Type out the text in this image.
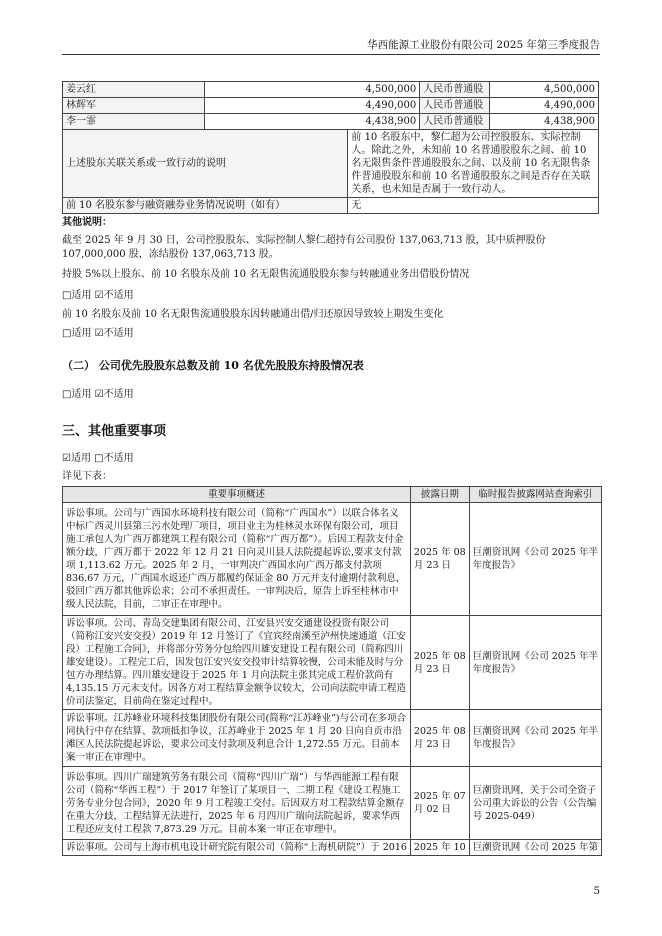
华西能源工业股份有限公司 2025 年第三季度报告
姜云红	4,500,000		人民币普通股	4,500,000
林辉军	4,490,000		人民币普通股	4,490,000
李一霏	4,438,900		人民币普通股	4,438,900
上述股东关联关系或一致行动的说明		前 10 名股东中，黎仁超为公司控股股东、实际控制人。除此之外，未知前 10 名普通股股东之间、前 10 名无限售条件普通股股东之间、以及前 10 名无限售条件普通股股东和前 10 名普通股股东之间是否存在关联关系，也未知是否属于一致行动人。		
前 10 名股东参与融资融券业务情况说明（如有）		无		
其他说明：
截至 2025 年 9 月 30 日，公司控股股东、实际控制人黎仁超持有公司股份 137,063,713 股，其中质押股份 107,000,000 股，冻结股份 137,063,713 股。
持股 5%以上股东、前 10 名股东及前 10 名无限售流通股股东参与转融通业务出借股份情况
□适用 ☑不适用
前 10 名股东及前 10 名无限售流通股股东因转融通出借/归还原因导致较上期发生变化
□适用 ☑不适用
（二） 公司优先股股东总数及前 10 名优先股股东持股情况表
□适用 ☑不适用
三、其他重要事项
☑适用 □不适用
详见下表：
重要事项概述	披露日期	临时报告披露网站查询索引
诉讼事项。公司与广西国水环境科技有限公司（简称“广西国水”）以联合体名义中标广西灵川县第三污水处理厂项目，项目业主为桂林灵水环保有限公司，项目施工承包人为广西万都建筑工程有限公司（简称“广西万都”）。后因工程款支付金额分歧，广西万都于 2022 年 12 月 21 日向灵川县人法院提起诉讼,要求支付款项 1,113.62 万元。2025 年 2 月，一审判决广西国水向广西万都支付款项 836.67 万元，广西国水返还广西万都履约保证金 80 万元并支付逾期付款利息，驳回广西万都其他诉讼求；公司不承担责任。一审判决后，原告上诉至桂林市中级人民法院，目前，二审正在审理中。	2025 年 08 月 23 日	巨潮资讯网《公司 2025 年半年度报告》
诉讼事项。公司、青岛交建集团有限公司、江安县兴安交通建设投资有限公司（简称江安兴安交投）2019 年 12 月签订了《宜宾经南溪至泸州快速通道（江安段）工程施工合同》，并将部分劳务分包给四川雄安建设工程有限公司（简称四川雄安建设）。工程完工后，因发包江安兴安交投审计结算较慢，公司未能及时与分包方办理结算。四川雄安建设于 2025 年 1 月向法院主张其完成工程价款尚有 4,135.15 万元未支付。因各方对工程结算金额争议较大，公司向法院申请工程造价司法鉴定，目前尚在鉴定过程中。	2025 年 08 月 23 日	巨潮资讯网《公司 2025 年半年度报告》
诉讼事项。江苏峰业环境科技集团股份有限公司(简称“江苏峰业”)与公司在多项合同执行中存在结算、款项抵扣争议，江苏峰业于 2025 年 1 月 20 日向自贡市沿滩区人民法院提起诉讼，要求公司支付款项及利息合计 1,272.55 万元。目前本案一审正在审理中。	2025 年 08 月 23 日	巨潮资讯网《公司 2025 年半年度报告》
诉讼事项。四川广瑞建筑劳务有限公司（简称“四川广瑞”）与华西能源工程有限公司（简称“华西工程”）于 2017 年签订了某项目一、二期工程《建设工程施工劳务专业分包合同》，2020 年 9 月工程竣工交付。后因双方对工程款结算金额存在重大分歧，工程结算无法进行，2025 年 6 月四川广瑞向法院起诉，要求华西工程还应支付工程款 7,873.29 万元。目前本案一审正在审理中。	2025 年 07 月 02 日	巨潮资讯网，关于公司全资子公司重大诉讼的公告（公告编号 2025-049）
诉讼事项。公司与上海市机电设计研究院有限公司（简称“上海机研院”）于 2016	2025 年 10	巨潮资讯网《公司 2025 年第
5
